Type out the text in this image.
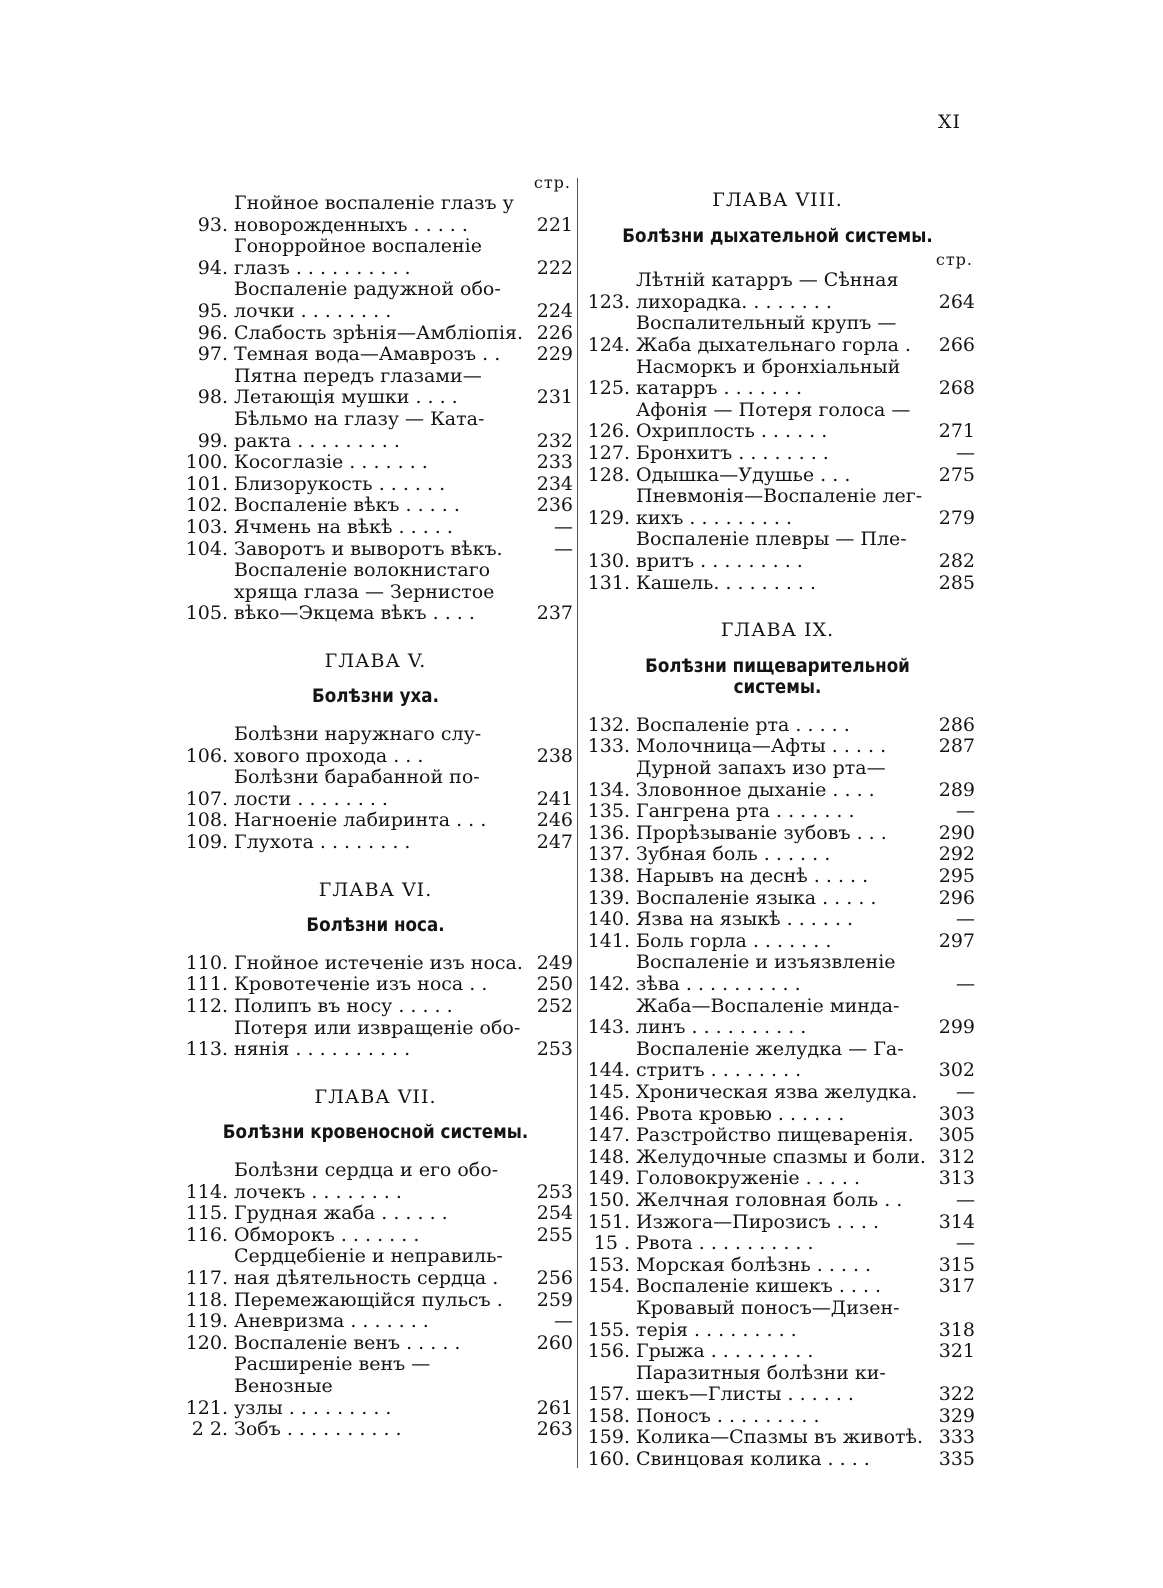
XI
стр.
93.
Гнойное воспаленіе глазъ у
новорожденныхъ . . . . .	221
94.
Гонорройное воспаленіе
глазъ . . . . . . . . . .	222
95.
Воспаленіе радужной обо-
лочки . . . . . . . .	224
96. Слабость зрѣнія—Амбліопія. 226
97. Темная вода—Амаврозъ . .	229
98.
Пятна передъ глазами—
Летающія мушки . . . .	231
99.
Бѣльмо на глазу — Ката-
ракта . . . . . . . . .	232
100. Косоглазіе . . . . . . .	233
101. Близорукость . . . . . .	234
102. Воспаленіе вѣкъ . . . . .	236
103. Ячмень на вѣкѣ . . . . .	—
104. Заворотъ и выворотъ вѣкъ.	—
105.
Воспаленіе волокнистаго
хряща глаза — Зернистое
вѣко—Экцема вѣкъ . . . .	237
ГЛАВА V.
Болѣзни уха.
106.
Болѣзни наружнаго слу-
хового прохода . . .	238
107.
Болѣзни барабанной по-
лости . . . . . . . .	241
108. Нагноеніе лабиринта . . .	246
109. Глухота . . . . . . . .	247
ГЛАВА VI.
Болѣзни носа.
110. Гнойное истеченіе изъ носа. 249
111. Кровотеченіе изъ носа . .	250
112. Полипъ въ носу . . . . .	252
113.
Потеря или извращеніе обо-
нянія . . . . . . . . . .	253
ГЛАВА VII.
Болѣзни кровеносной системы.
114.
Болѣзни сердца и его обо-
лочекъ . . . . . . . .	253
115. Грудная жаба . . . . . .	254
116. Обморокъ . . . . . . .	255
117.
Сердцебіеніе и неправиль-
ная дѣятельность сердца .	256
118. Перемежающійся пульсъ .	259
119. Аневризма . . . . . . .	—
120. Воспаленіе венъ . . . . .	260
121.
Расширеніе венъ — Венозные
узлы . . . . . . . . .	261
2 2. Зобъ . . . . . . . . . .	263
ГЛАВА VIII.
Болѣзни дыхательной системы.
стр.
123.
Лѣтній катарръ — Сѣнная
лихорадка. . . . . . . .	264
124.
Воспалительный крупъ —
Жаба дыхательнаго горла .	266
125.
Насморкъ и бронхіальный
катарръ . . . . . . .	268
126.
Афонія — Потеря голоса —
Охриплость . . . . . .	271
127. Бронхитъ . . . . . . . .	—
128. Одышка—Удушье . . .	275
129.
Пневмонія—Воспаленіе лег-
кихъ . . . . . . . . .	279
130.
Воспаленіе плевры — Пле-
вритъ . . . . . . . . .	282
131. Кашель. . . . . . . . .	285
ГЛАВА IX.
Болѣзни пищеварительной системы.
132. Воспаленіе рта . . . . .	286
133. Молочница—Афты . . . . .	287
134.
Дурной запахъ изо рта—
Зловонное дыханіе . . . .	289
135. Гангрена рта . . . . . . .	—
136. Прорѣзываніе зубовъ . . .	290
137. Зубная боль . . . . . .	292
138. Нарывъ на деснѣ . . . . .	295
139. Воспаленіе языка . . . . .	296
140. Язва на языкѣ . . . . . .	—
141. Боль горла . . . . . . .	297
142.
Воспаленіе и изъязвленіе
зѣва . . . . . . . . . .	—
143.
Жаба—Воспаленіе минда-
линъ . . . . . . . . . .	299
144.
Воспаленіе желудка — Га-
стритъ . . . . . . . .	302
145. Хроническая язва желудка.	—
146. Рвота кровью . . . . . .	303
147. Разстройство пищеваренія.	305
148. Желудочные спазмы и боли. 312
149. Головокруженіе . . . . .	313
150. Желчная головная боль . .	—
151. Изжога—Пирозисъ . . . .	314
15 . Рвота . . . . . . . . . .	—
153. Морская болѣзнь . . . . .	315
154. Воспаленіе кишекъ . . . .	317
155.
Кровавый поносъ—Дизен-
терія . . . . . . . . .	318
156. Грыжа . . . . . . . . .	321
157.
Паразитныя болѣзни ки-
шекъ—Глисты . . . . . .	322
158. Поносъ . . . . . . . . .	329
159. Колика—Спазмы въ животѣ. 333
160. Свинцовая колика . . . .	335
